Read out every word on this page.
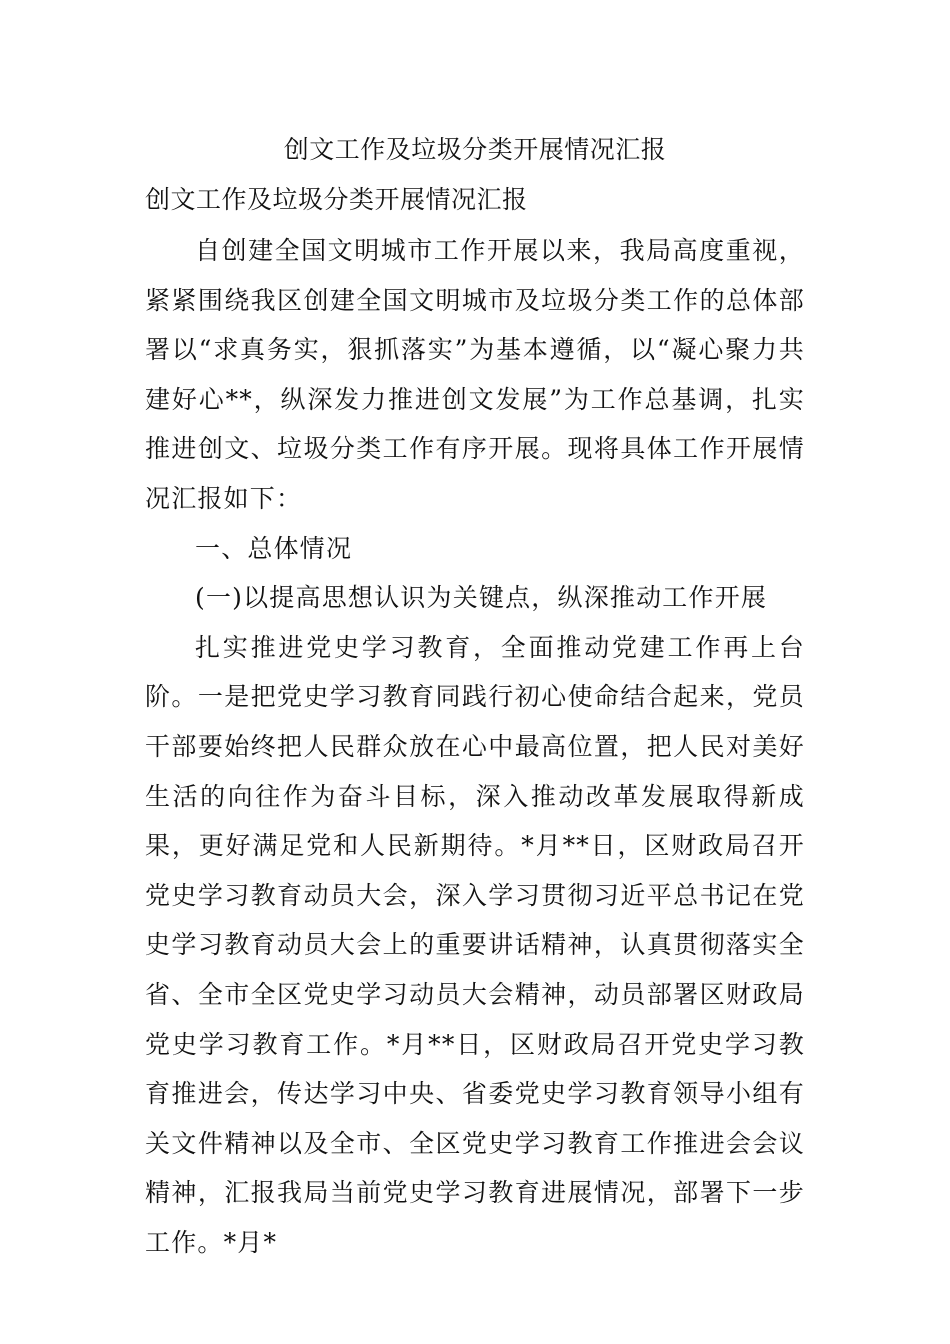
创文工作及垃圾分类开展情况汇报
创文工作及垃圾分类开展情况汇报

自创建全国文明城市工作开展以来，我局高度重视，紧紧围绕我区创建全国文明城市及垃圾分类工作的总体部署以“求真务实，狠抓落实”为基本遵循，以“凝心聚力共建好心**，纵深发力推进创文发展”为工作总基调，扎实推进创文、垃圾分类工作有序开展。现将具体工作开展情况汇报如下：

一、总体情况

(一)以提高思想认识为关键点，纵深推动工作开展

扎实推进党史学习教育，全面推动党建工作再上台阶。一是把党史学习教育同践行初心使命结合起来，党员干部要始终把人民群众放在心中最高位置，把人民对美好生活的向往作为奋斗目标，深入推动改革发展取得新成果，更好满足党和人民新期待。*月**日，区财政局召开党史学习教育动员大会，深入学习贯彻习近平总书记在党史学习教育动员大会上的重要讲话精神，认真贯彻落实全省、全市全区党史学习动员大会精神，动员部署区财政局党史学习教育工作。*月**日，区财政局召开党史学习教育推进会，传达学习中央、省委党史学习教育领导小组有关文件精神以及全市、全区党史学习教育工作推进会会议精神，汇报我局当前党史学习教育进展情况，部署下一步工作。*月*
